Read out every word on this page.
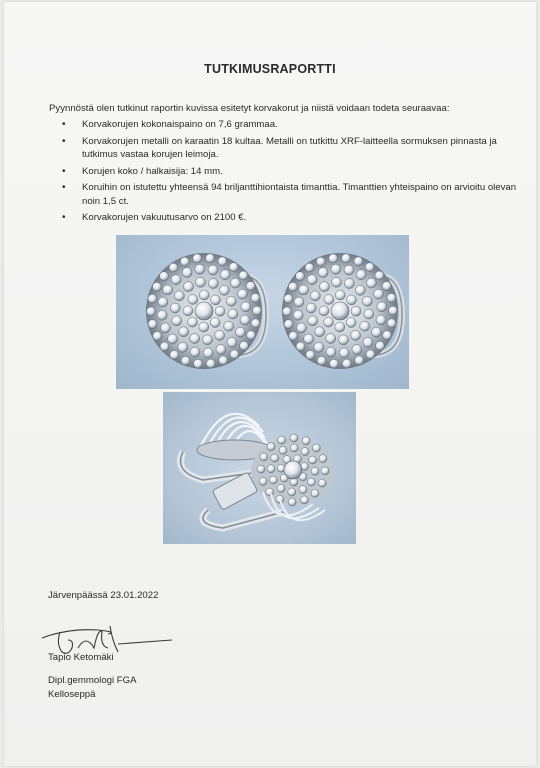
TUTKIMUSRAPORTTI
Pyynnöstä olen tutkinut raportin kuvissa esitetyt korvakorut ja niistä voidaan todeta seuraavaa:
• Korvakorujen kokonaispaino on 7,6 grammaa.
• Korvakorujen metalli on karaatin 18 kultaa. Metalli on tutkittu XRF-laitteella sormuksen pinnasta ja tutkimus vastaa korujen leimoja.
• Korujen koko / halkaisija: 14 mm.
• Koruihin on istutettu yhteensä 94 briljanttihiontaista timanttia. Timanttien yhteispaino on arvioitu olevan noin 1,5 ct.
• Korvakorujen vakuutusarvo on 2100 €.
Järvenpäässä 23.01.2022
Tapio Ketomäki
Dipl.gemmologi FGA
Kelloseppä
